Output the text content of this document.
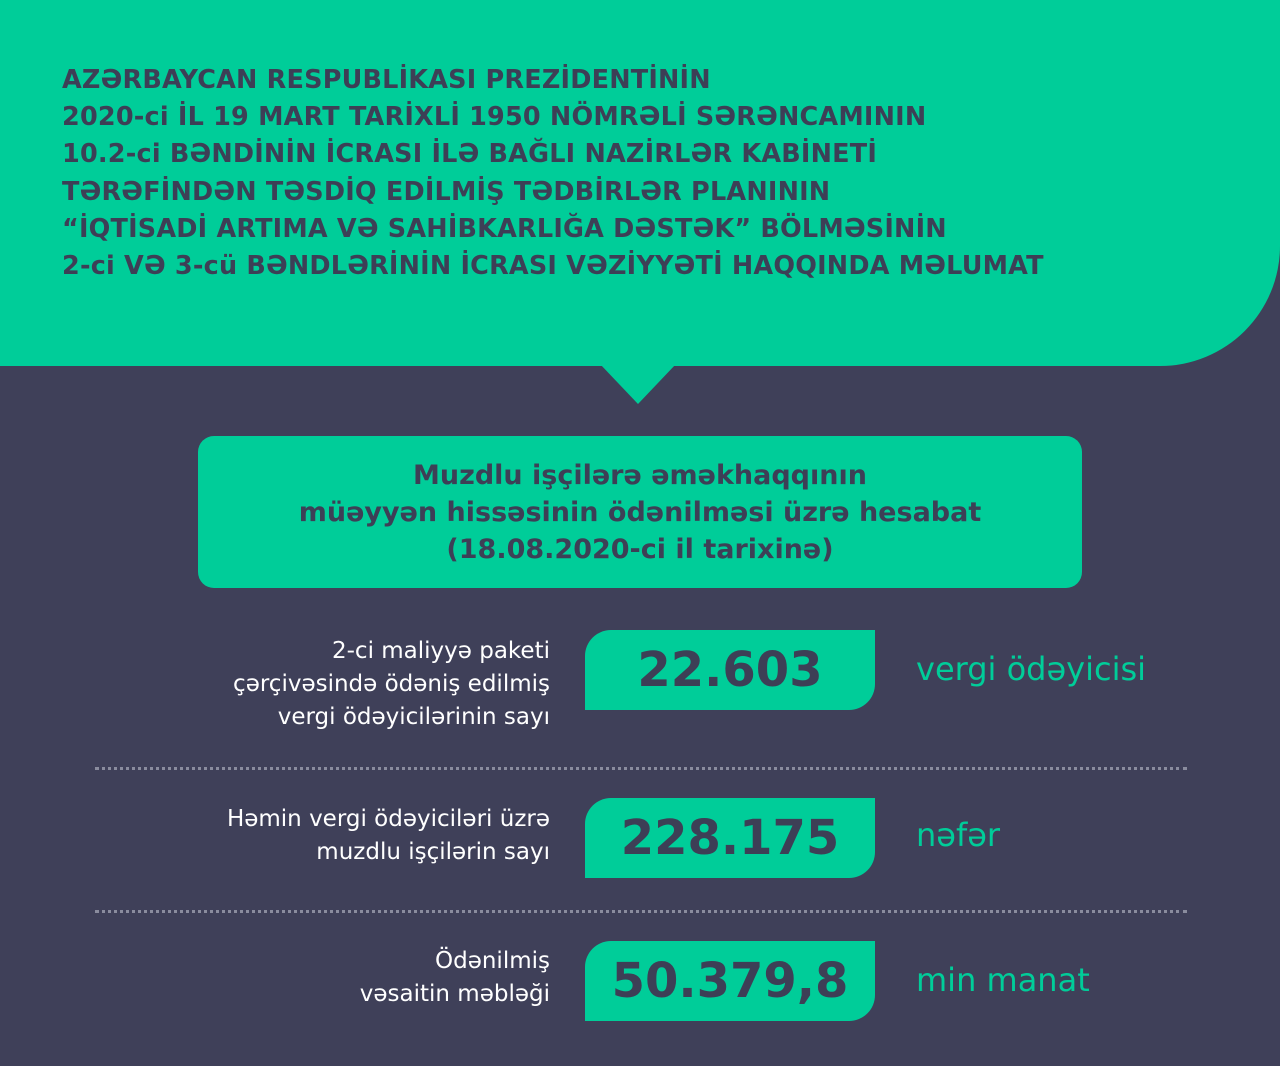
AZƏRBAYCAN RESPUBLİKASI PREZİDENTİNİN
2020-ci İL 19 MART TARİXLİ 1950 NÖMRƏLİ SƏRƏNCAMININ
10.2-ci BƏNDİNİN İCRASI İLƏ BAĞLI NAZİRLƏR KABİNETİ
TƏRƏFİNDƏN TƏSDİQ EDİLMİŞ TƏDBİRLƏR PLANININ
“İQTİSADİ ARTIMA VƏ SAHİBKARLIĞA DƏSTƏK” BÖLMƏSİNİN
2-ci VƏ 3-cü BƏNDLƏRİNİN İCRASI VƏZİYYƏTİ HAQQINDA MƏLUMAT
Muzdlu işçilərə əməkhaqqının
müəyyən hissəsinin ödənilməsi üzrə hesabat
(18.08.2020-ci il tarixinə)
2-ci maliyyə paketi
çərçivəsində ödəniş edilmiş
vergi ödəyicilərinin sayı
22.603	vergi ödəyicisi
Həmin vergi ödəyiciləri üzrə
muzdlu işçilərin sayı	228.175	nəfər
Ödənilmiş
vəsaitin məbləği	50.379,8	min manat
